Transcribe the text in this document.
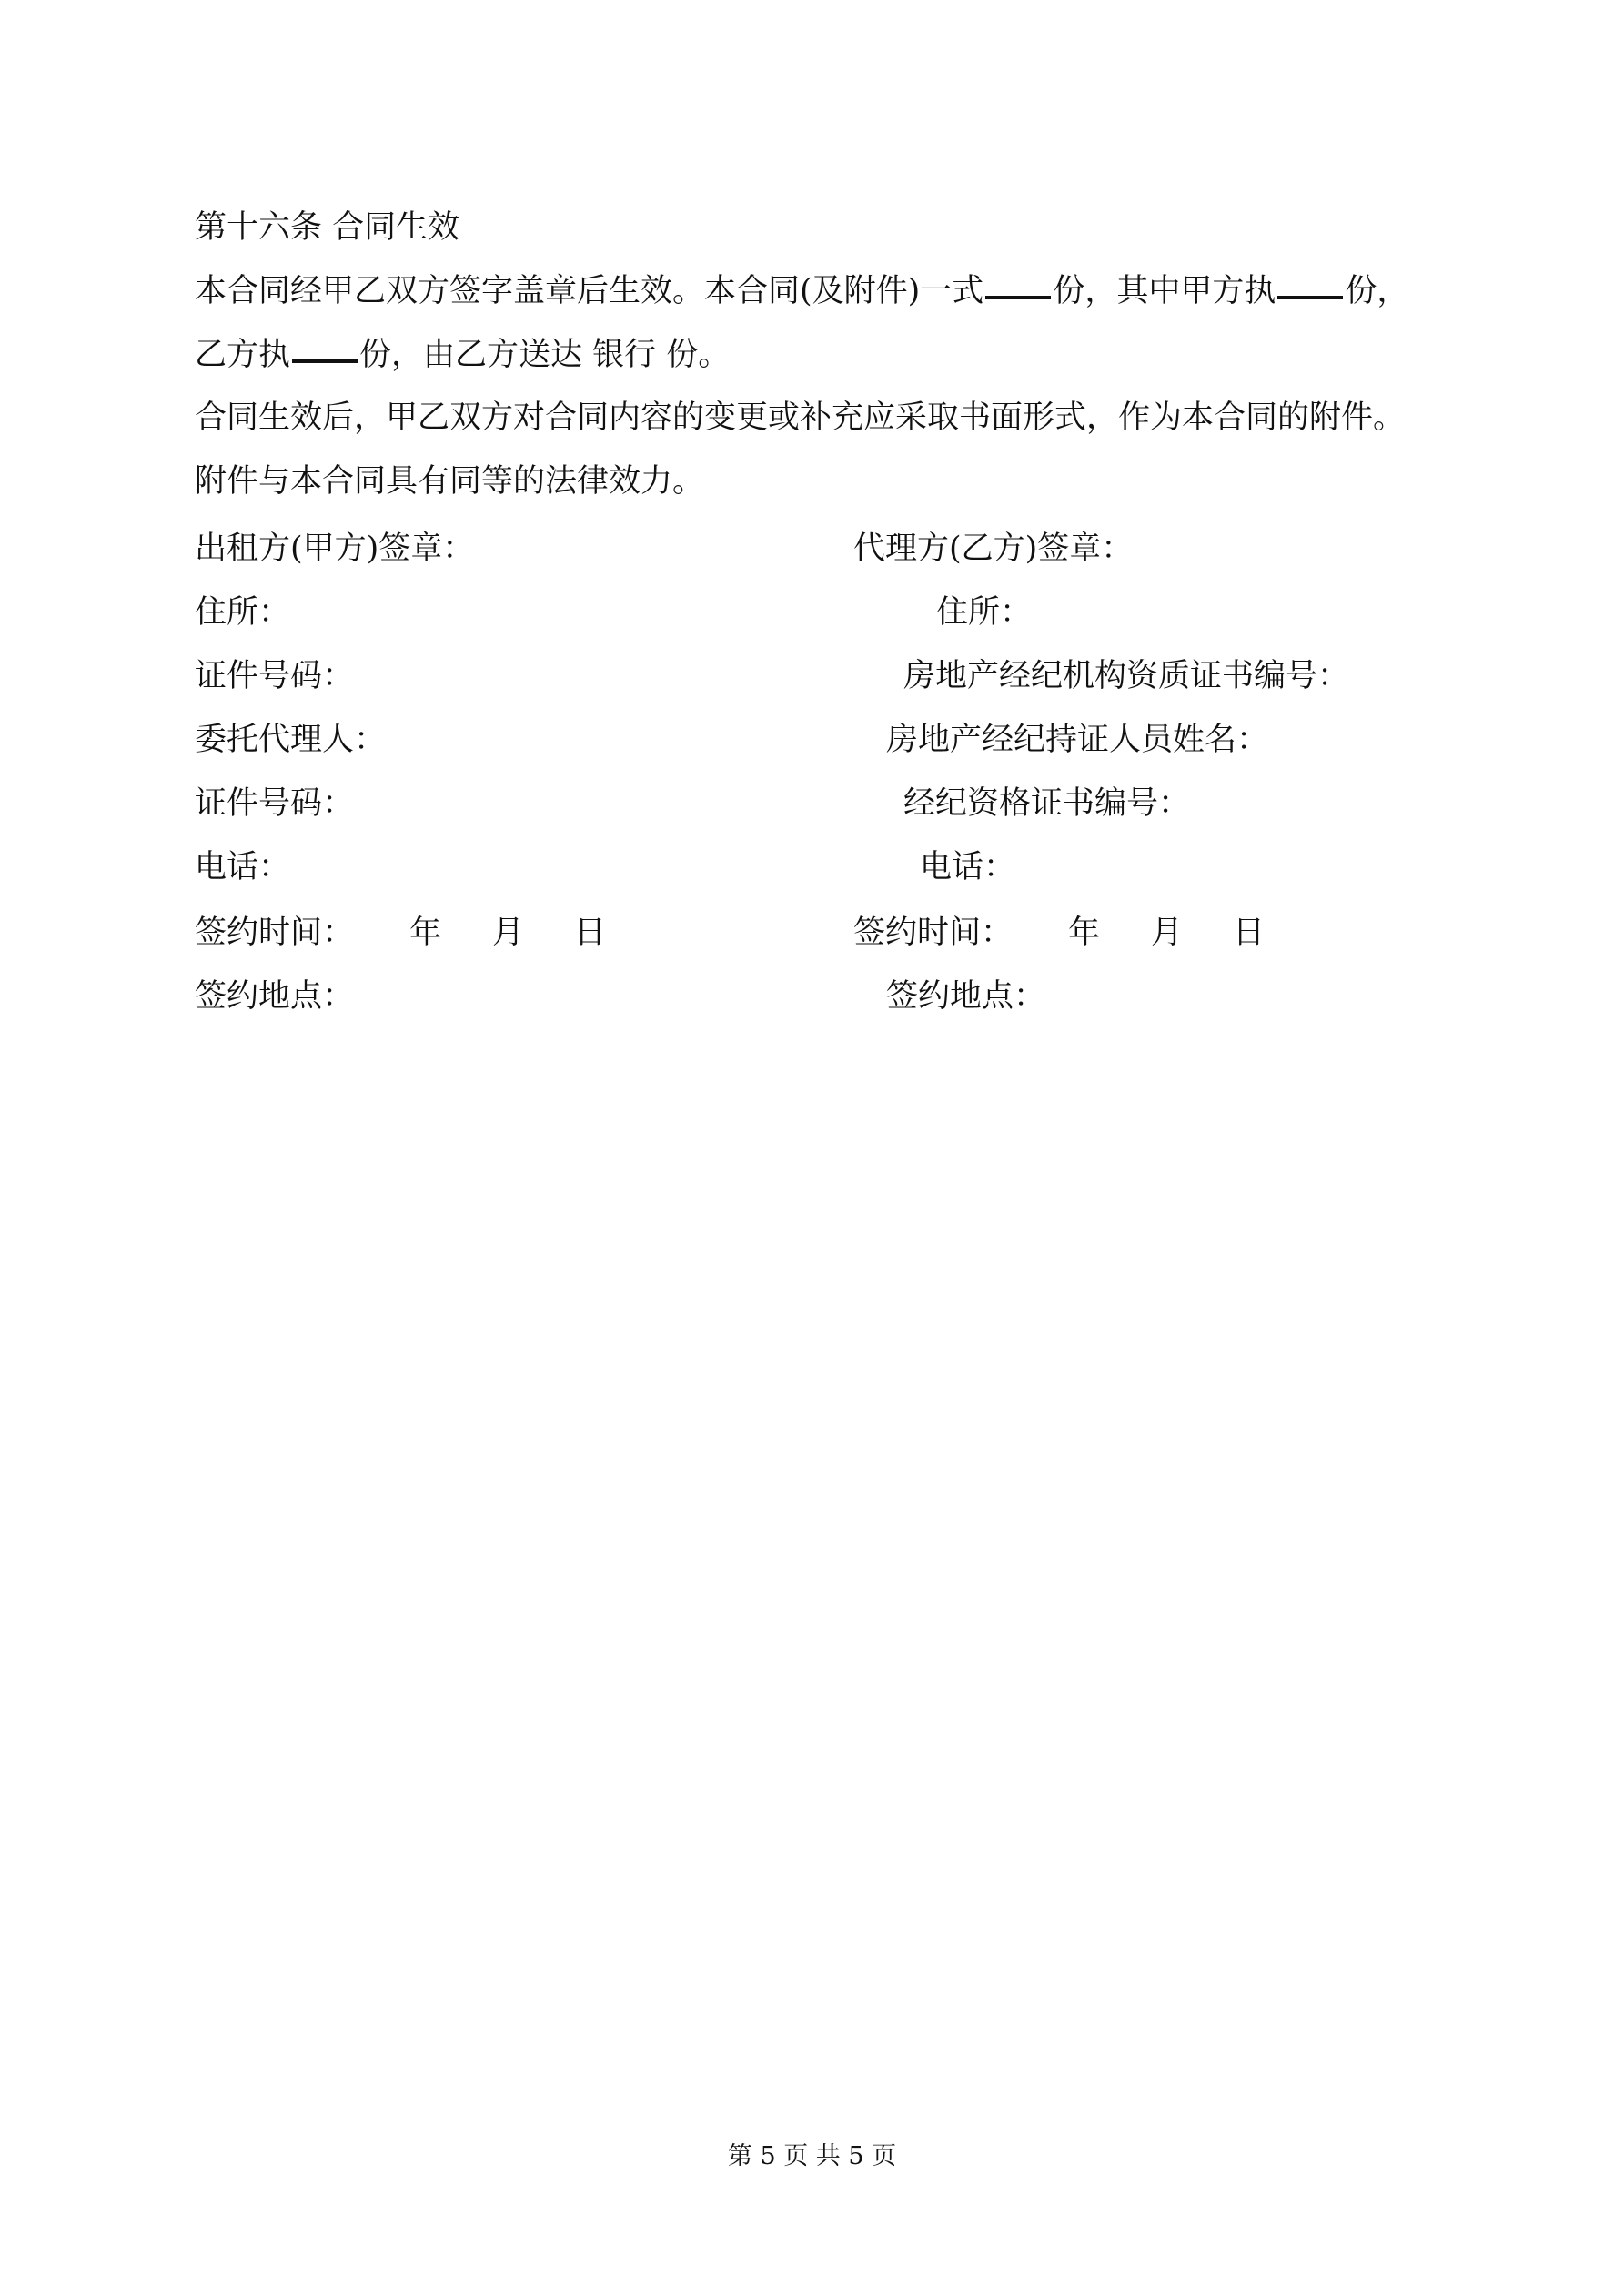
第十六条 合同生效
本合同经甲乙双方签字盖章后生效。本合同(及附件)一式 份，其中甲方执 份，
乙方执 份，由乙方送达 银行 份。
合同生效后，甲乙双方对合同内容的变更或补充应采取书面形式，作为本合同的附件。
附件与本合同具有同等的法律效力。
出租方(甲方)签章：
住所：
证件号码：
委托代理人：
证件号码：
电话：
签约时间： 年 月 日
签约地点：
代理方(乙方)签章：
住所：
房地产经纪机构资质证书编号：
房地产经纪持证人员姓名：
经纪资格证书编号：
电话：
签约时间： 年 月 日
签约地点：
第 5 页 共 5 页
